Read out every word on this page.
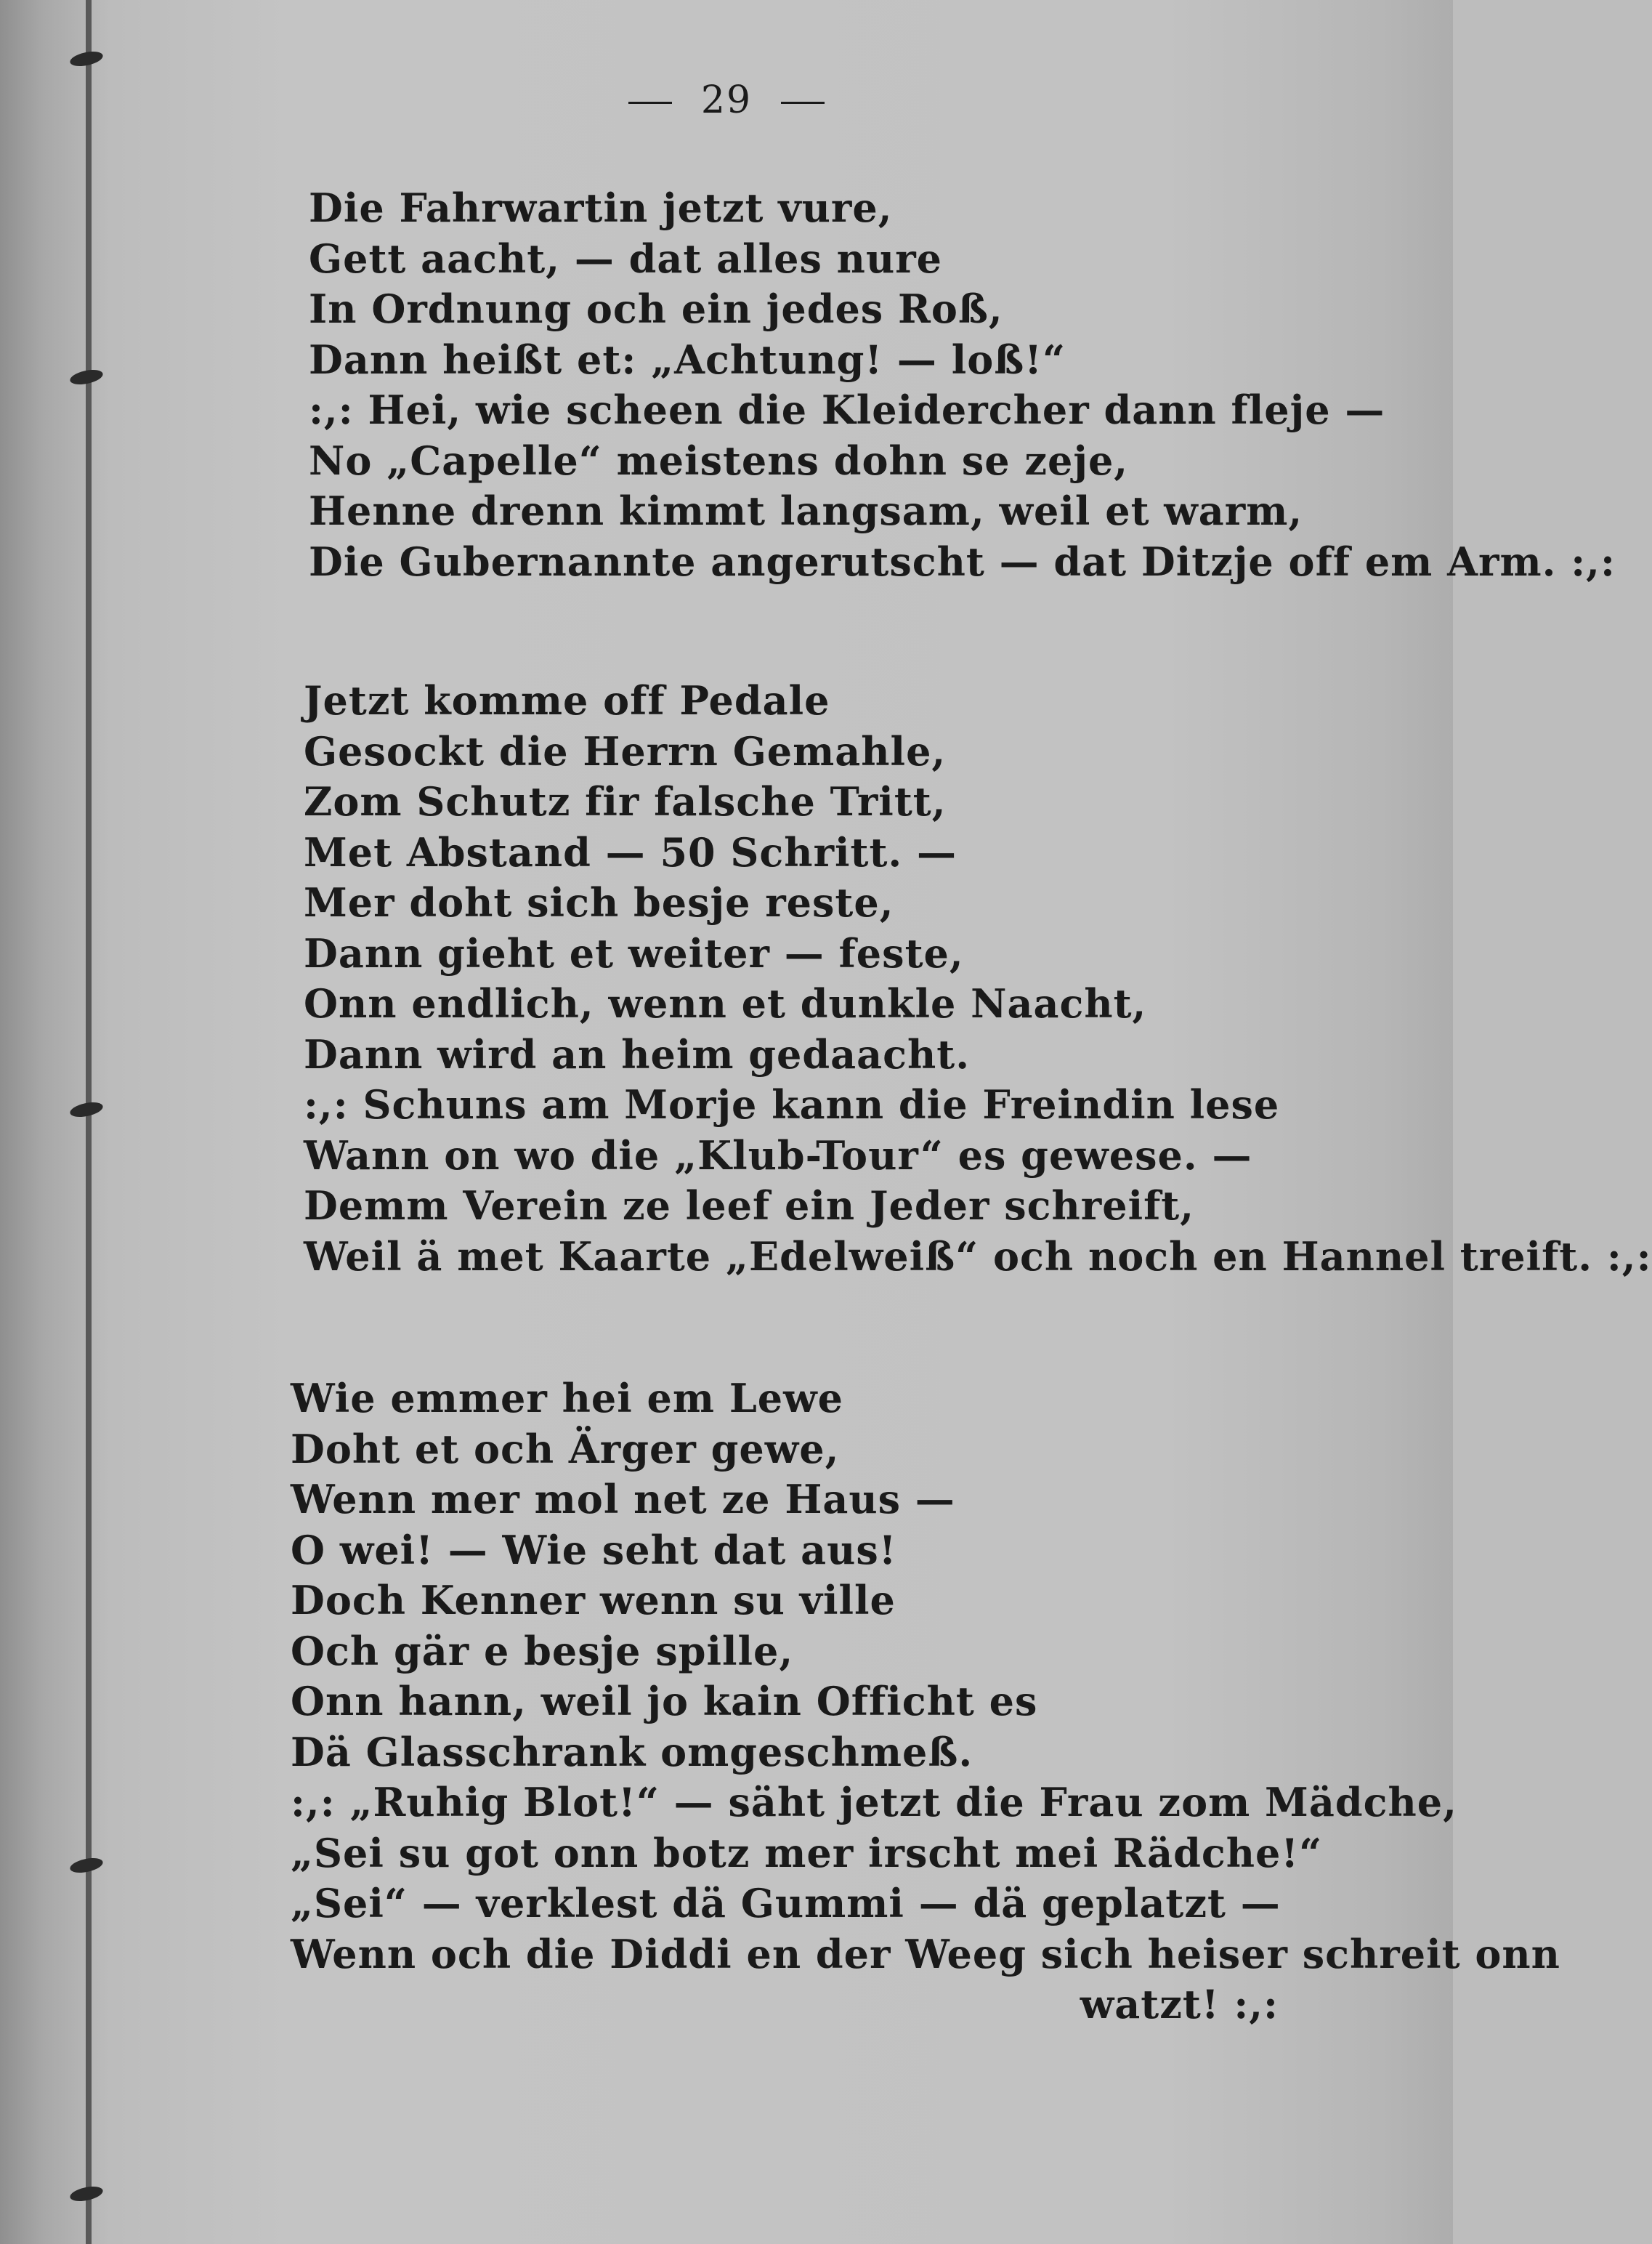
29
Die Fahrwartin jetzt vure,
Gett aacht, — dat alles nure
In Ordnung och ein jedes Roß,
Dann heißt et: „Achtung! — loß!“
:,: Hei, wie scheen die Kleidercher dann fleje —
No „Capelle“ meistens dohn se zeje,
Henne drenn kimmt langsam, weil et warm,
Die Gubernannte angerutscht — dat Ditzje off em Arm. :,:
Jetzt komme off Pedale
Gesockt die Herrn Gemahle,
Zom Schutz fir falsche Tritt,
Met Abstand — 50 Schritt. —
Mer doht sich besje reste,
Dann gieht et weiter — feste,
Onn endlich, wenn et dunkle Naacht,
Dann wird an heim gedaacht.
:,: Schuns am Morje kann die Freindin lese
Wann on wo die „Klub-Tour“ es gewese. —
Demm Verein ze leef ein Jeder schreift,
Weil ä met Kaarte „Edelweiß“ och noch en Hannel treift. :,:
Wie emmer hei em Lewe
Doht et och Ärger gewe,
Wenn mer mol net ze Haus —
O wei! — Wie seht dat aus!
Doch Kenner wenn su ville
Och gär e besje spille,
Onn hann, weil jo kain Officht es
Dä Glasschrank omgeschmeß.
:,: „Ruhig Blot!“ — säht jetzt die Frau zom Mädche,
„Sei su got onn botz mer irscht mei Rädche!“
„Sei“ — verklest dä Gummi — dä geplatzt —
Wenn och die Diddi en der Weeg sich heiser schreit onn
watzt! :,:
